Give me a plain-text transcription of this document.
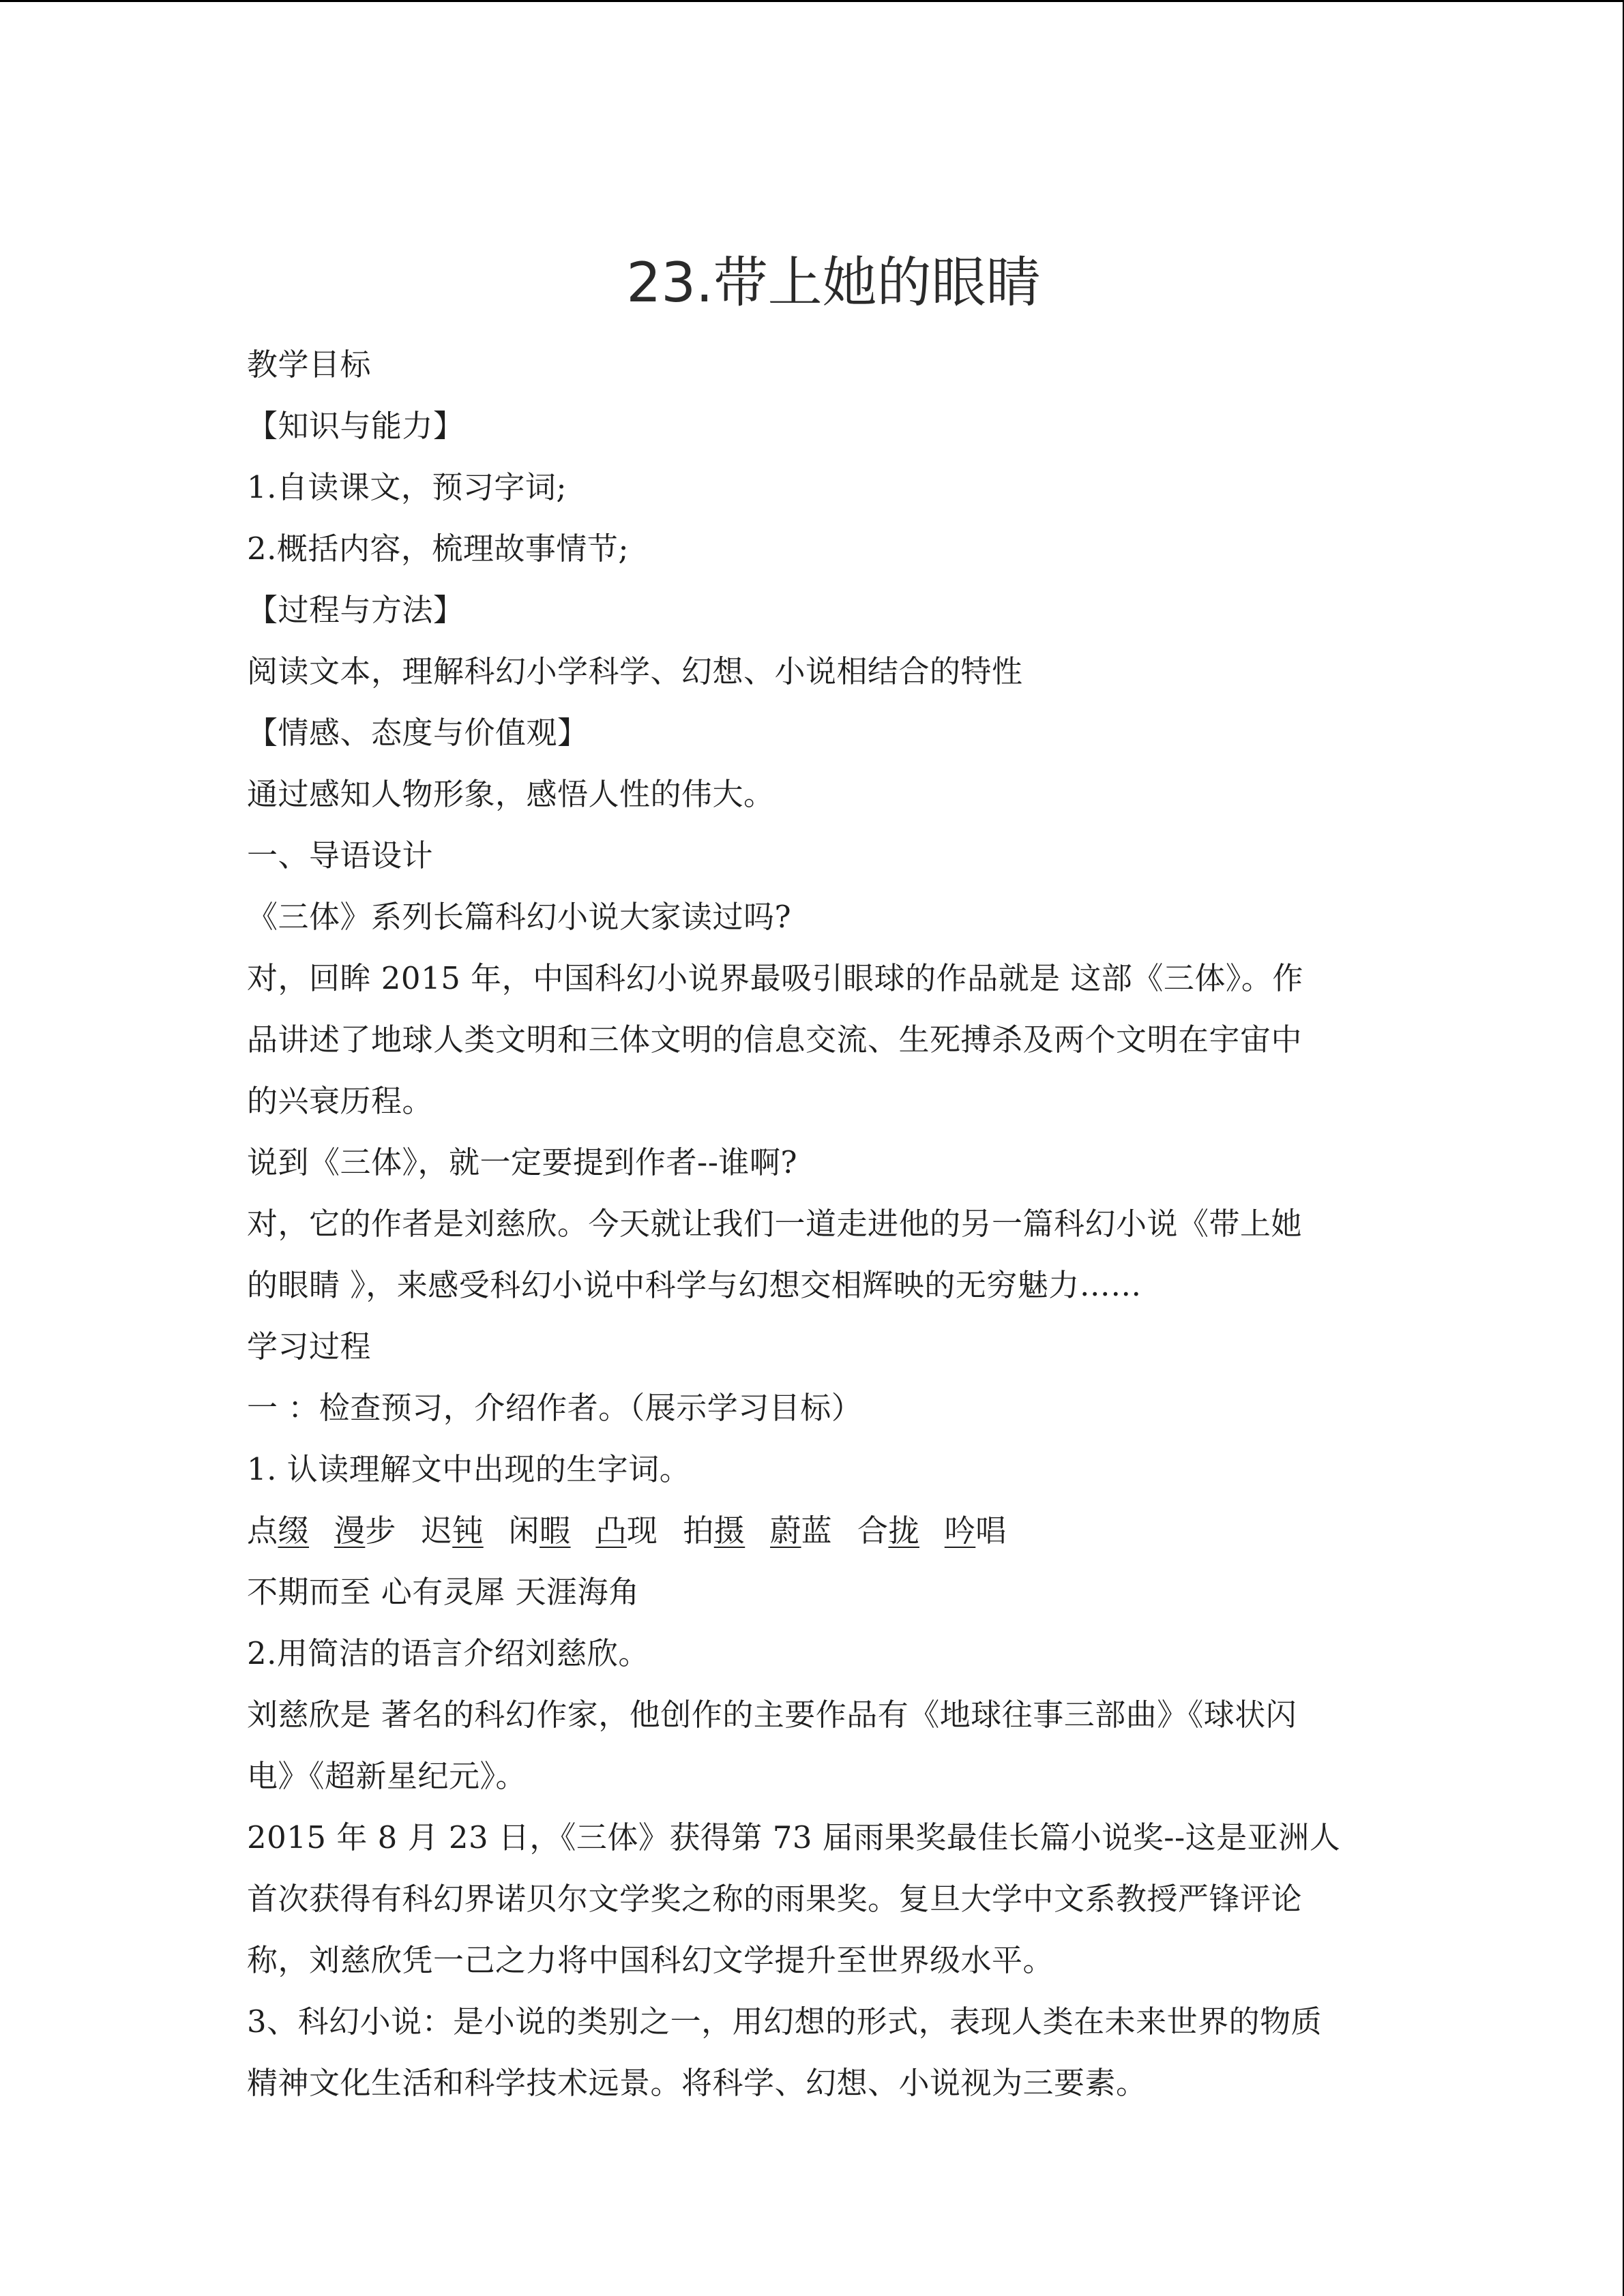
23.带上她的眼睛
教学目标
【知识与能力】
1.自读课文，预习字词;
2.概括内容，梳理故事情节;
【过程与方法】
阅读文本，理解科幻小学科学、幻想、小说相结合的特性
【情感、态度与价值观】
通过感知人物形象，感悟人性的伟大。
一、导语设计
《三体》系列长篇科幻小说大家读过吗?
对，回眸 2015 年，中国科幻小说界最吸引眼球的作品就是 这部《三体》。作
品讲述了地球人类文明和三体文明的信息交流、生死搏杀及两个文明在宇宙中
的兴衰历程。
说到《三体》，就一定要提到作者--谁啊?
对，它的作者是刘慈欣。今天就让我们一道走进他的另一篇科幻小说《带上她
的眼睛 》，来感受科幻小说中科学与幻想交相辉映的无穷魅力……
学习过程
一 ：检查预习，介绍作者。（展示学习目标）
1. 认读理解文中出现的生字词。
点缀 漫步 迟钝 闲暇 凸现 拍摄 蔚蓝 合拢 吟唱
不期而至 心有灵犀 天涯海角
2.用简洁的语言介绍刘慈欣。
刘慈欣是 著名的科幻作家，他创作的主要作品有《地球往事三部曲》《球状闪
电》《超新星纪元》。
2015 年 8 月 23 日，《三体》获得第 73 届雨果奖最佳长篇小说奖--这是亚洲人
首次获得有科幻界诺贝尔文学奖之称的雨果奖。复旦大学中文系教授严锋评论
称，刘慈欣凭一己之力将中国科幻文学提升至世界级水平。
3、科幻小说：是小说的类别之一，用幻想的形式，表现人类在未来世界的物质
精神文化生活和科学技术远景。将科学、幻想、小说视为三要素。
